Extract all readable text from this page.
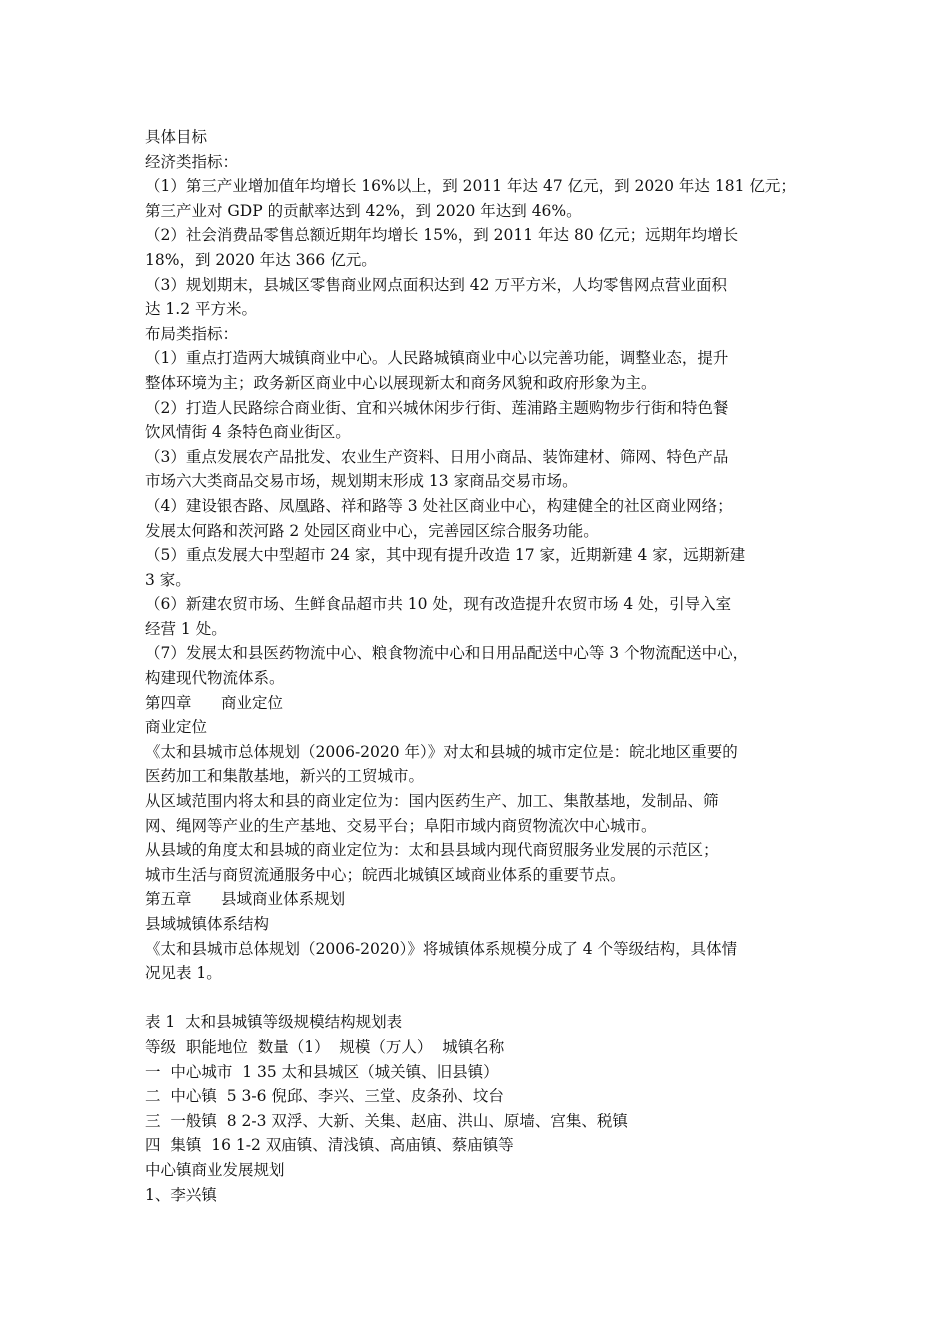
具体目标
经济类指标：
（1）第三产业增加值年均增长 16%以上，到 2011 年达 47 亿元，到 2020 年达 181 亿元；
第三产业对 GDP 的贡献率达到 42%，到 2020 年达到 46%。
（2）社会消费品零售总额近期年均增长 15%，到 2011 年达 80 亿元；远期年均增长
18%，到 2020 年达 366 亿元。
（3）规划期末，县城区零售商业网点面积达到 42 万平方米，人均零售网点营业面积
达 1.2 平方米。
布局类指标：
（1）重点打造两大城镇商业中心。人民路城镇商业中心以完善功能，调整业态，提升
整体环境为主；政务新区商业中心以展现新太和商务风貌和政府形象为主。
（2）打造人民路综合商业街、宜和兴城休闲步行街、莲浦路主题购物步行街和特色餐
饮风情街 4 条特色商业街区。
（3）重点发展农产品批发、农业生产资料、日用小商品、装饰建材、筛网、特色产品
市场六大类商品交易市场，规划期末形成 13 家商品交易市场。
（4）建设银杏路、凤凰路、祥和路等 3 处社区商业中心，构建健全的社区商业网络；
发展太何路和茨河路 2 处园区商业中心，完善园区综合服务功能。
（5）重点发展大中型超市 24 家，其中现有提升改造 17 家，近期新建 4 家，远期新建
3 家。
（6）新建农贸市场、生鲜食品超市共 10 处，现有改造提升农贸市场 4 处，引导入室
经营 1 处。
（7）发展太和县医药物流中心、粮食物流中心和日用品配送中心等 3 个物流配送中心，
构建现代物流体系。
第四章      商业定位
商业定位
《太和县城市总体规划（2006-2020 年）》对太和县城的城市定位是：皖北地区重要的
医药加工和集散基地，新兴的工贸城市。
从区域范围内将太和县的商业定位为：国内医药生产、加工、集散基地，发制品、筛
网、绳网等产业的生产基地、交易平台；阜阳市域内商贸物流次中心城市。
从县域的角度太和县城的商业定位为：太和县县域内现代商贸服务业发展的示范区；
城市生活与商贸流通服务中心；皖西北城镇区域商业体系的重要节点。
第五章      县域商业体系规划
县域城镇体系结构
《太和县城市总体规划（2006-2020）》将城镇体系规模分成了 4 个等级结构，具体情
况见表 1。
表 1  太和县城镇等级规模结构规划表
等级  职能地位  数量（1）  规模（万人）  城镇名称
一  中心城市  1 35 太和县城区（城关镇、旧县镇）
二  中心镇  5 3-6 倪邱、李兴、三堂、皮条孙、坟台
三  一般镇  8 2-3 双浮、大新、关集、赵庙、洪山、原墙、宫集、税镇
四  集镇  16 1-2 双庙镇、清浅镇、高庙镇、蔡庙镇等
中心镇商业发展规划
1、李兴镇
